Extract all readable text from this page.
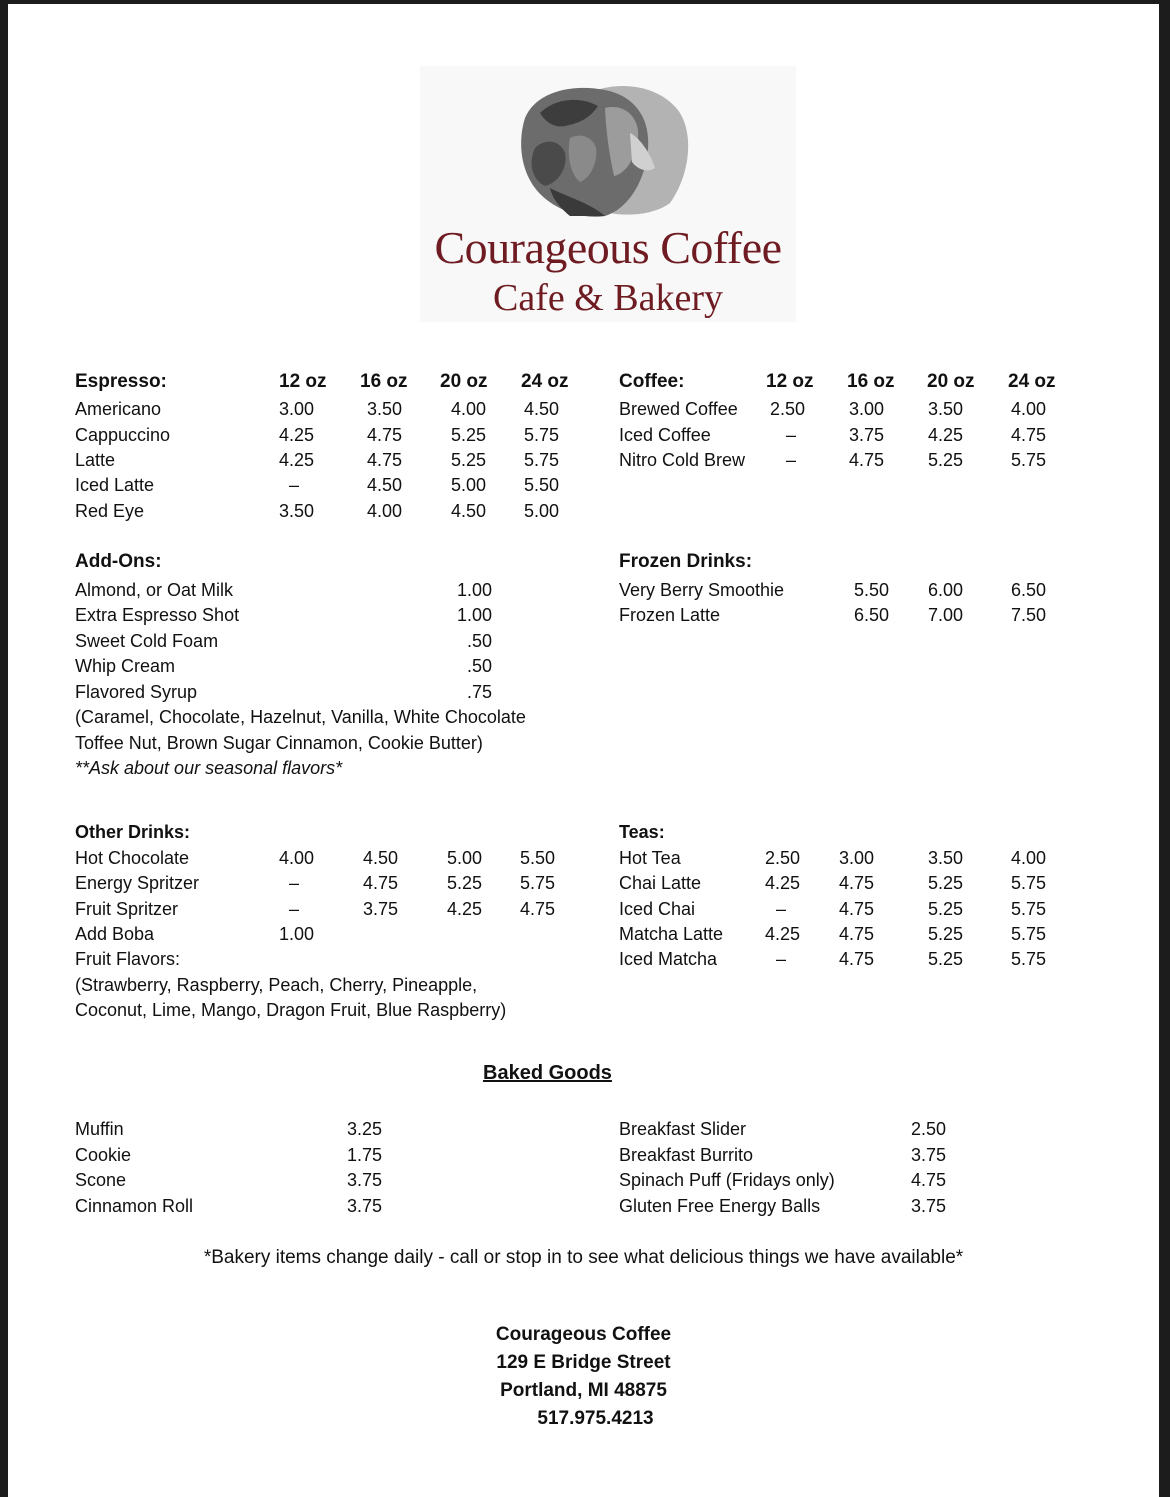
Courageous Coffee
Cafe & Bakery
Espresso:	12 oz 16 oz 20 oz 24 oz
Americano	3.00	3.50	4.00 4.50
Cappuccino	4.25	4.75	5.25 5.75
Latte	4.25	4.75	5.25 5.75
Iced Latte	–	4.50	5.00 5.50
Red Eye	3.50	4.00	4.50 5.00
Coffee:	12 oz 16 oz 20 oz 24 oz
Brewed Coffee 2.50 3.00 3.50	4.00
Iced Coffee	–	3.75 4.25	4.75
Nitro Cold Brew –	4.75 5.25	5.75
Add-Ons:
Almond, or Oat Milk	1.00
Extra Espresso Shot	1.00
Sweet Cold Foam	.50
Whip Cream	.50
Flavored Syrup	.75
(Caramel, Chocolate, Hazelnut, Vanilla, White Chocolate
Toffee Nut, Brown Sugar Cinnamon, Cookie Butter)
**Ask about our seasonal flavors*
Frozen Drinks:
Very Berry Smoothie	5.50 6.00	6.50
Frozen Latte	6.50 7.00	7.50
Other Drinks:
Hot Chocolate	4.00	4.50	5.00 5.50
Energy Spritzer	–	4.75	5.25 5.75
Fruit Spritzer	–	3.75	4.25 4.75
Add Boba	1.00
Fruit Flavors:
(Strawberry, Raspberry, Peach, Cherry, Pineapple,
Coconut, Lime, Mango, Dragon Fruit, Blue Raspberry)
Teas:
Hot Tea	2.50 3.00	3.50	4.00
Chai Latte	4.25 4.75	5.25	5.75
Iced Chai	–	4.75	5.25	5.75
Matcha Latte 4.25 4.75	5.25	5.75
Iced Matcha	–	4.75	5.25	5.75
Baked Goods
Muffin	3.25
Cookie	1.75
Scone	3.75
Cinnamon Roll	3.75
Breakfast Slider	2.50
Breakfast Burrito	3.75
Spinach Puff (Fridays only)	4.75
Gluten Free Energy Balls	3.75
*Bakery items change daily - call or stop in to see what delicious things we have available*
Courageous Coffee
129 E Bridge Street
Portland, MI 48875
517.975.4213
